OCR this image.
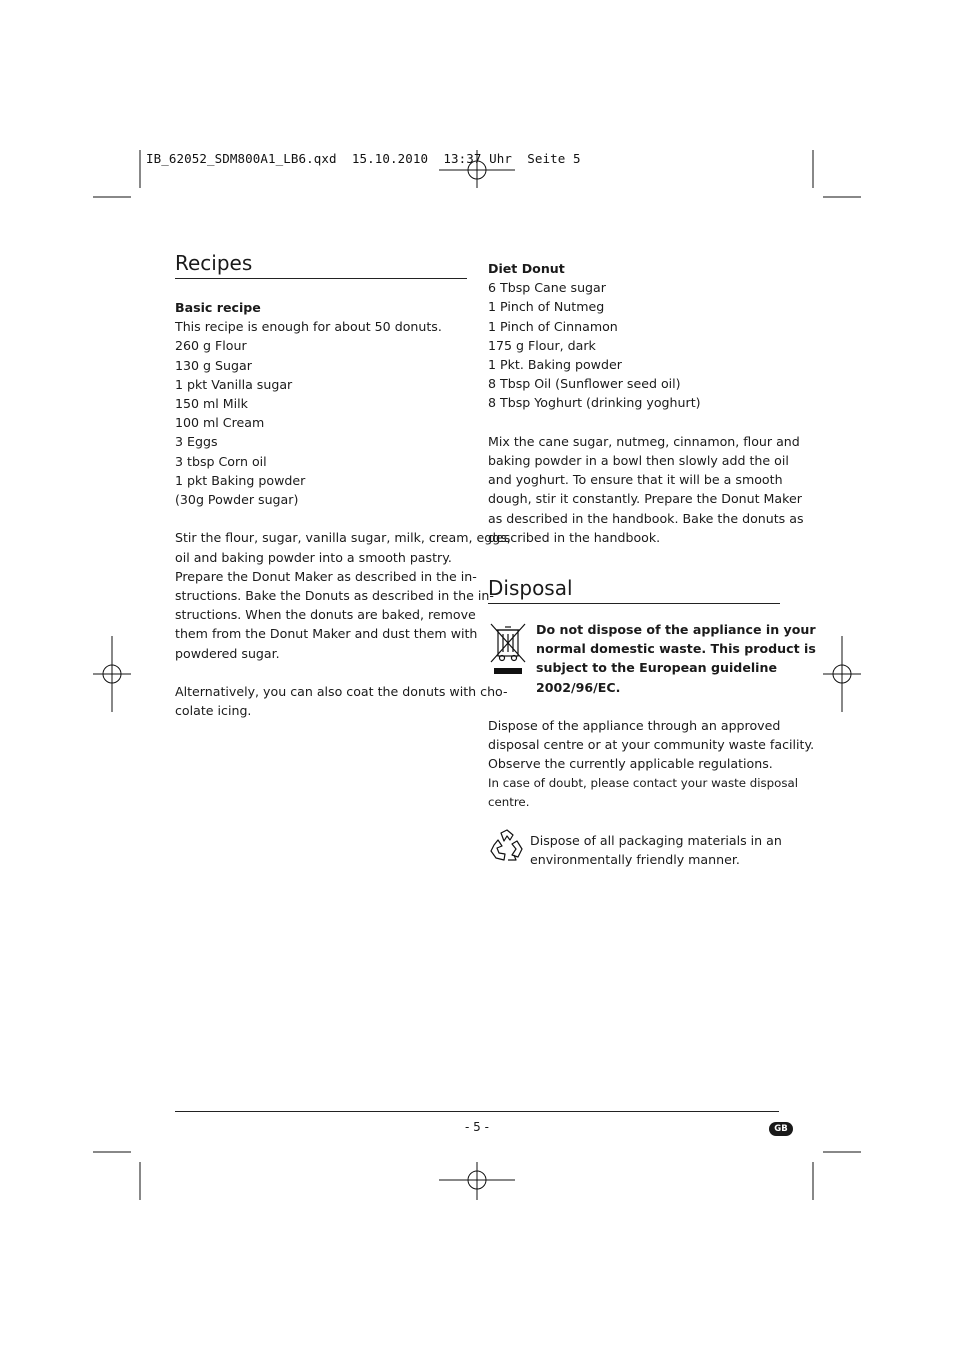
IB_62052_SDM800A1_LB6.qxd  15.10.2010  13:37 Uhr  Seite 5
Recipes
Basic recipe
This recipe is enough for about 50 donuts.
260 g Flour
130 g Sugar
1 pkt Vanilla sugar
150 ml Milk
100 ml Cream
3 Eggs
3 tbsp Corn oil
1 pkt Baking powder
(30g Powder sugar)
Stir the flour, sugar, vanilla sugar, milk, cream, eggs,
oil and baking powder into a smooth pastry.
Prepare the Donut Maker as described in the in-
structions. Bake the Donuts as described in the in-
structions. When the donuts are baked, remove
them from the Donut Maker and dust them with
powdered sugar.
Alternatively, you can also coat the donuts with cho-
colate icing.
Diet Donut
6 Tbsp Cane sugar
1 Pinch of Nutmeg
1 Pinch of Cinnamon
175 g Flour, dark
1 Pkt. Baking powder
8 Tbsp Oil (Sunflower seed oil)
8 Tbsp Yoghurt (drinking yoghurt)
Mix the cane sugar, nutmeg, cinnamon, flour and
baking powder in a bowl then slowly add the oil
and yoghurt. To ensure that it will be a smooth
dough, stir it constantly. Prepare the Donut Maker
as described in the handbook. Bake the donuts as
described in the handbook.
Disposal
Do not dispose of the appliance in your
normal domestic waste. This product is
subject to the European guideline
2002/96/EC.
Dispose of the appliance through an approved
disposal centre or at your community waste facility.
Observe the currently applicable regulations.
In case of doubt, please contact your waste disposal
centre.
Dispose of all packaging materials in an
environmentally friendly manner.
- 5 -	GB
